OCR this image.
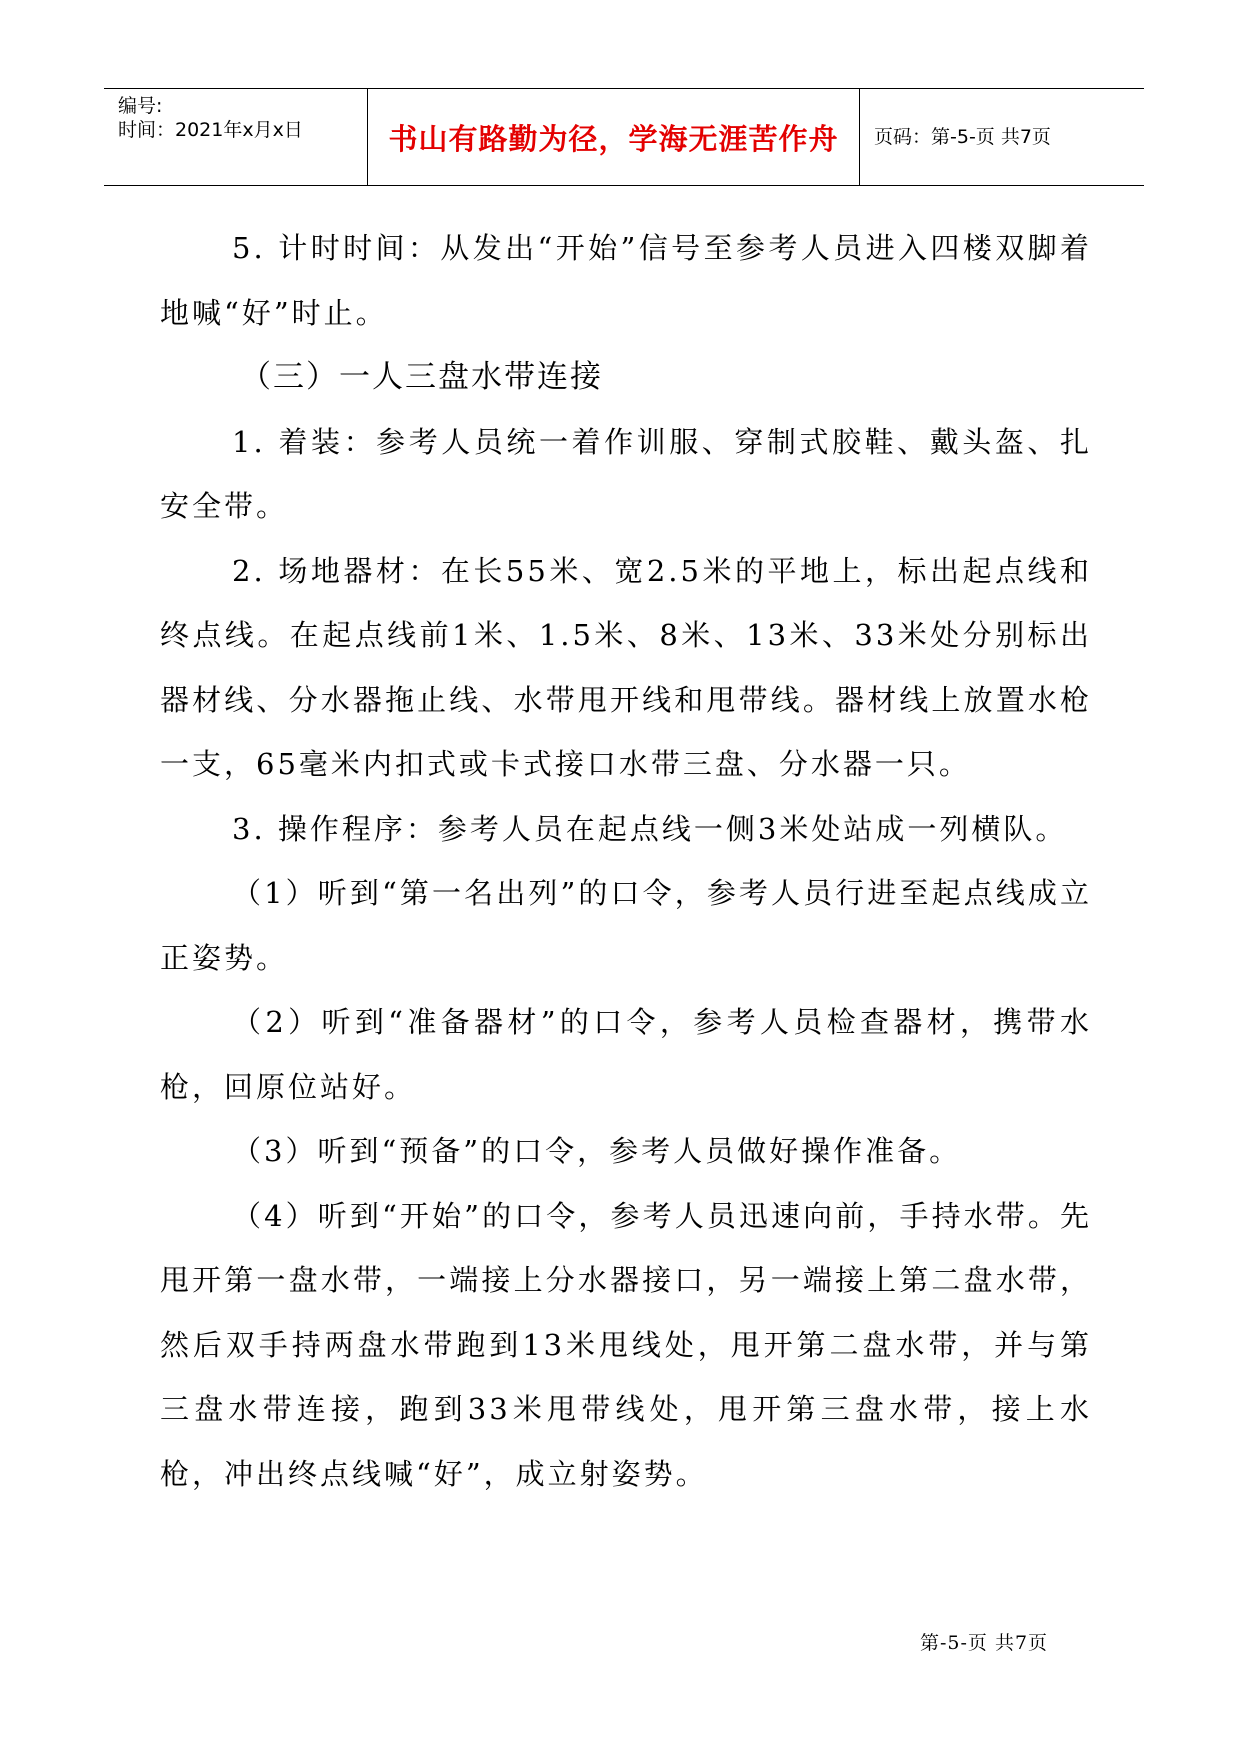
编号:
时间：2021年x月x日	书山有路勤为径，学海无涯苦作舟 页码：第-5-页 共7页

5. 计时时间：从发出“开始”信号至参考人员进入四楼双脚着地喊“好”时止。

（三）一人三盘水带连接

1. 着装：参考人员统一着作训服、穿制式胶鞋、戴头盔、扎安全带。

2. 场地器材：在长55米、宽2.5米的平地上，标出起点线和终点线。在起点线前1米、1.5米、8米、13米、33米处分别标出器材线、分水器拖止线、水带甩开线和甩带线。器材线上放置水枪一支，65毫米内扣式或卡式接口水带三盘、分水器一只。

3. 操作程序：参考人员在起点线一侧3米处站成一列横队。

（1）听到“第一名出列”的口令，参考人员行进至起点线成立正姿势。

（2）听到“准备器材”的口令，参考人员检查器材，携带水枪，回原位站好。

（3）听到“预备”的口令，参考人员做好操作准备。

（4）听到“开始”的口令，参考人员迅速向前，手持水带。先甩开第一盘水带，一端接上分水器接口，另一端接上第二盘水带，然后双手持两盘水带跑到13米甩线处，甩开第二盘水带，并与第三盘水带连接，跑到33米甩带线处，甩开第三盘水带，接上水枪，冲出终点线喊“好”，成立射姿势。

第-5-页 共7页
